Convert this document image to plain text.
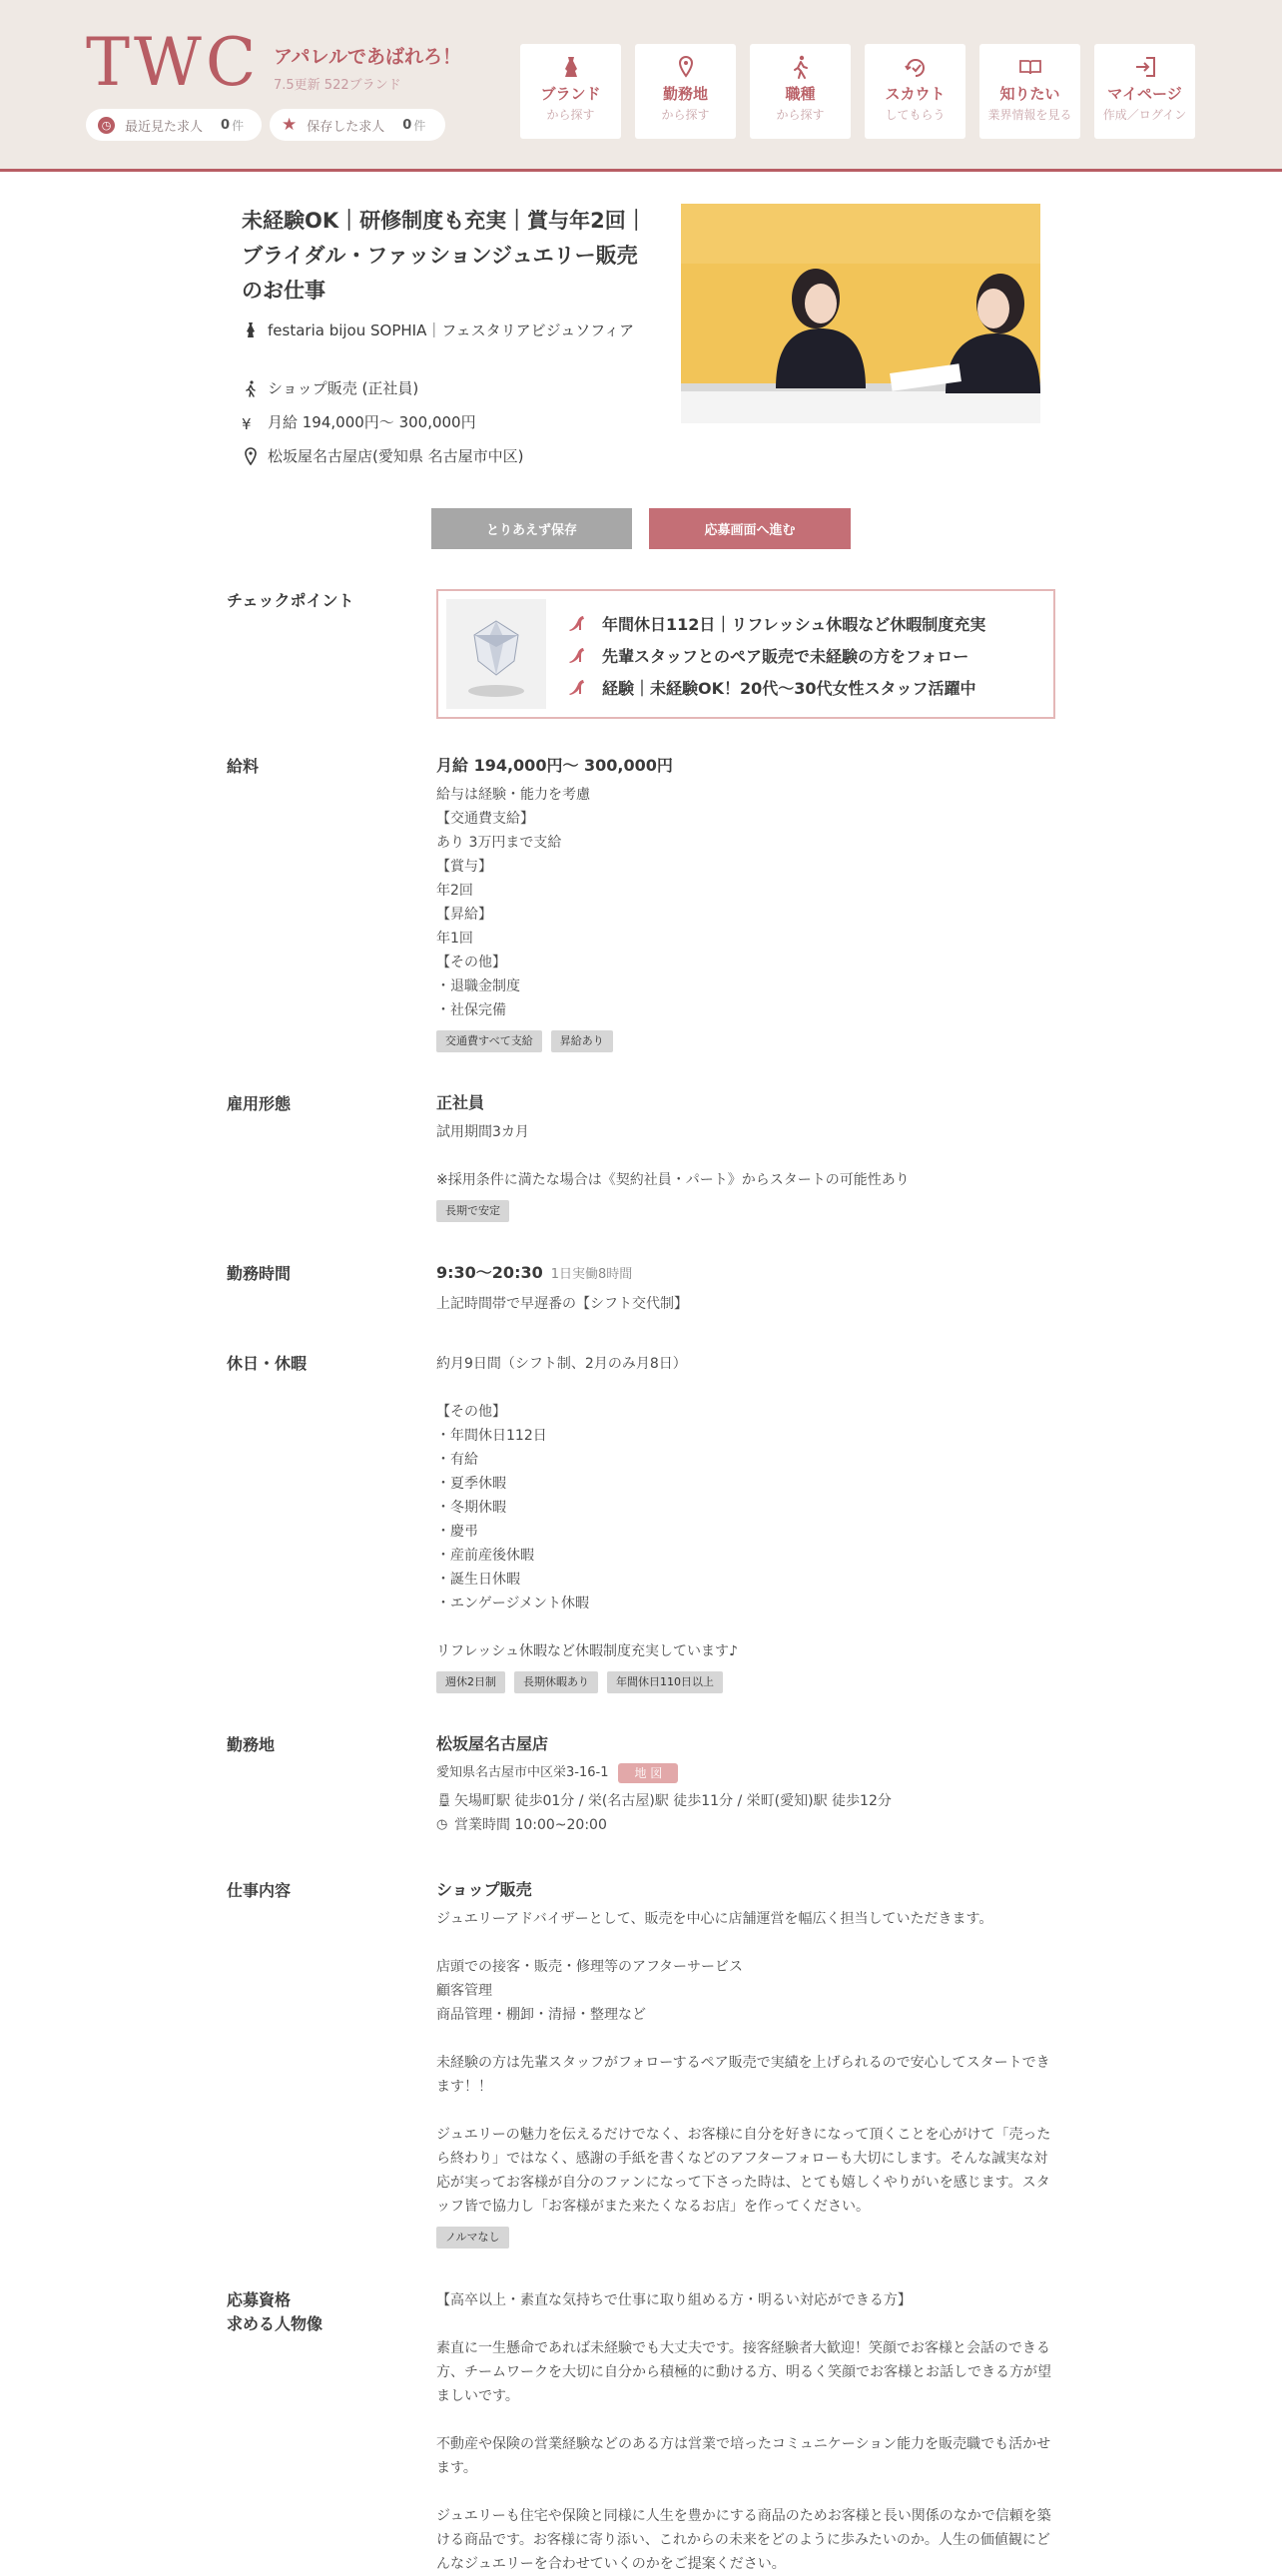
TWC アパレルであばれろ！
7.5更新 522ブランド
◷ 最近見た求人 0 件 ★ 保存した求人 0 件
ブランド
から探す
勤務地
から探す
職種
から探す
スカウト
してもらう
知りたい
業界情報を見る
マイページ
作成／ログイン
未経験OK｜研修制度も充実｜賞与年2回｜ブライダル・ファッションジュエリー販売のお仕事
festaria bijou SOPHIA｜フェスタリアビジュソフィア
ショップ販売 (正社員)
¥	月給 194,000円〜 300,000円
松坂屋名古屋店(愛知県 名古屋市中区)
とりあえず保存	応募画面へ進む
チェックポイント
年間休日112日｜リフレッシュ休暇など休暇制度充実
先輩スタッフとのペア販売で未経験の方をフォロー
経験｜未経験OK！20代〜30代女性スタッフ活躍中
給料	月給 194,000円〜 300,000円

給与は経験・能力を考慮

【交通費支給】

あり 3万円まで支給

【賞与】

年2回

【昇給】

年1回

【その他】

・退職金制度

・社保完備

交通費すべて支給	昇給あり
雇用形態	正社員

試用期間3カ月

※採用条件に満たな場合は《契約社員・パート》からスタートの可能性あり

長期で安定
勤務時間	9:30〜20:30 1日実働8時間

上記時間帯で早遅番の【シフト交代制】

休日・休暇	約月9日間（シフト制、2月のみ月8日）

【その他】

・年間休日112日

・有給

・夏季休暇

・冬期休暇

・慶弔

・産前産後休暇

・誕生日休暇

・エンゲージメント休暇

リフレッシュ休暇など休暇制度充実しています♪

週休2日制	長期休暇あり	年間休日110日以上
勤務地	松坂屋名古屋店

愛知県名古屋市中区栄3-16-1 地 図

🚆︎ 矢場町駅 徒歩01分 / 栄(名古屋)駅 徒歩11分 / 栄町(愛知)駅 徒歩12分

◷ 営業時間 10:00~20:00

仕事内容	ショップ販売

ジュエリーアドバイザーとして、販売を中心に店舗運営を幅広く担当していただきます。

店頭での接客・販売・修理等のアフターサービス

顧客管理

商品管理・棚卸・清掃・整理など

未経験の方は先輩スタッフがフォローするペア販売で実績を上げられるので安心してスタートできます！！

ジュエリーの魅力を伝えるだけでなく、お客様に自分を好きになって頂くことを心がけて「売ったら終わり」ではなく、感謝の手紙を書くなどのアフターフォローも大切にします。そんな誠実な対応が実ってお客様が自分のファンになって下さった時は、とても嬉しくやりがいを感じます。スタッフ皆で協力し「お客様がまた来たくなるお店」を作ってください。

ノルマなし
応募資格
求める人物像

【高卒以上・素直な気持ちで仕事に取り組める方・明るい対応ができる方】

素直に一生懸命であれば未経験でも大丈夫です。接客経験者大歓迎！笑顔でお客様と会話のできる方、チームワークを大切に自分から積極的に動ける方、明るく笑顔でお客様とお話しできる方が望ましいです。

不動産や保険の営業経験などのある方は営業で培ったコミュニケーション能力を販売職でも活かせます。

ジュエリーも住宅や保険と同様に人生を豊かにする商品のためお客様と長い関係のなかで信頼を築ける商品です。お客様に寄り添い、これからの未来をどのように歩みたいのか。人生の価値観にどんなジュエリーを合わせていくのかをご提案ください。
